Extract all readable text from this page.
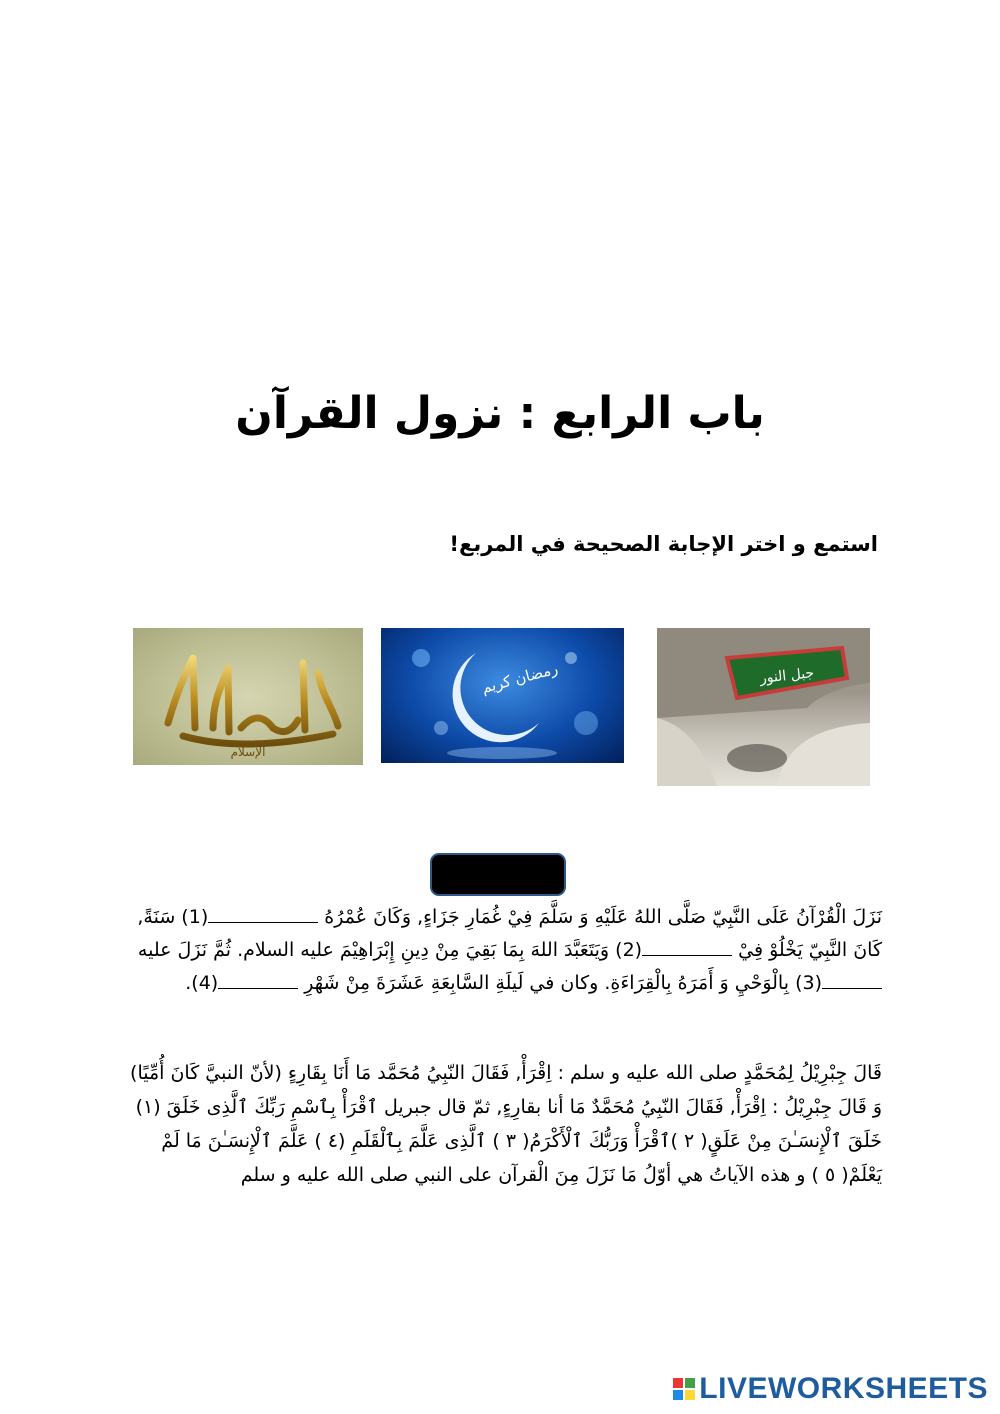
باب الرابع : نزول القرآن
استمع و اختر الإجابة الصحيحة في المربع!
الإسلام
رمضان كريم	جبل النور
نَزَلَ الْقُرْآنُ عَلَى النَّبِيّ صَلَّى اللهُ عَلَيْهِ وَ سَلَّمَ فِيْ غُمَارِ جَزَاءٍ, وَكَانَ عُمْرُهُ (1) سَنَةً, كَانَ النَّبِيّ يَخْلُوْ فِيْ (2) وَيَتَعَبَّدَ اللهَ بِمَا بَقِيَ مِنْ دِينِ إِبْرَاهِيْمَ عليه السلام. ثُمَّ نَزَلَ عليه (3) بِالْوَحْيِ وَ أَمَرَهُ بِالْقِرَاءَةِ. وكان في لَيلَةِ السَّابِعَةِ عَشَرَةَ مِنْ شَهْرِ (4).
قَالَ جِبْرِيْلُ لِمُحَمَّدٍ صلى الله عليه و سلم : اِقْرَأْ, فَقَالَ النّبِيُ مُحَمَّد مَا أَنَا بِقَارِءٍ (لأنّ النبيَّ كَانَ أُمِّيًا) وَ قَالَ جِبْرِيْلُ : اِقْرَأْ, فَقَالَ النّبِيُ مُحَمَّدٌ مَا أنا بقارِءٍ, ثمّ قال جبريل ٱقْرَأْ بِٱسْمِ رَبِّكَ ٱلَّذِى خَلَقَ (١) خَلَقَ ٱلْإِنسَـٰنَ مِنْ عَلَقٍ( ٢ )ٱقْرَأْ وَرَبُّكَ ٱلْأَكْرَمُ( ٣ ) ٱلَّذِى عَلَّمَ بِٱلْقَلَمِ (٤ ) عَلَّمَ ٱلْإِنسَـٰنَ مَا لَمْ يَعْلَمْ( ٥ ) و هذه الآياتُ هي أوّلُ مَا نَزَلَ مِنَ الْقرآن على النبي صلى الله عليه و سلم
LIVEWORKSHEETS
